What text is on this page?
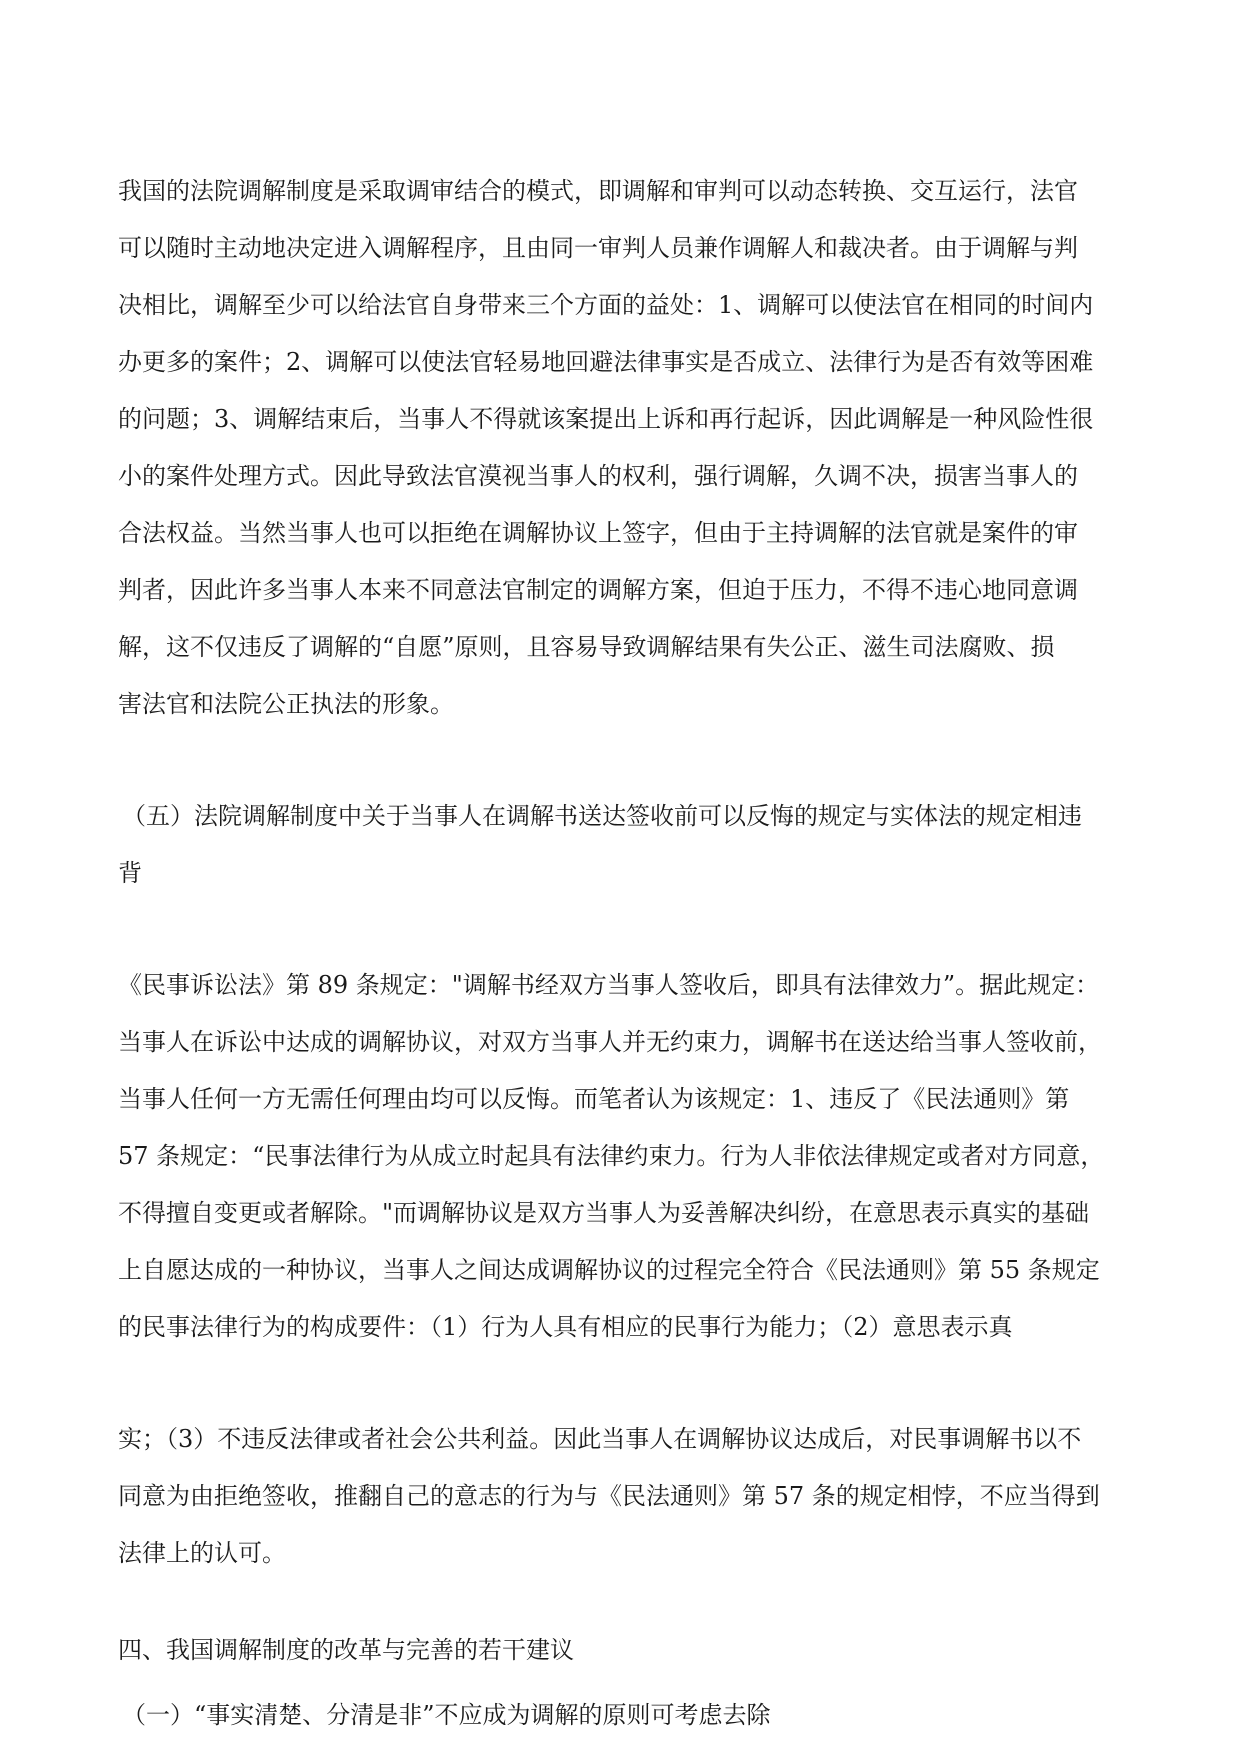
我国的法院调解制度是采取调审结合的模式，即调解和审判可以动态转换、交互运行，法官
可以随时主动地决定进入调解程序，且由同一审判人员兼作调解人和裁决者。由于调解与判
决相比，调解至少可以给法官自身带来三个方面的益处：1、调解可以使法官在相同的时间内
办更多的案件；2、调解可以使法官轻易地回避法律事实是否成立、法律行为是否有效等困难
的问题；3、调解结束后，当事人不得就该案提出上诉和再行起诉，因此调解是一种风险性很
小的案件处理方式。因此导致法官漠视当事人的权利，强行调解，久调不决，损害当事人的
合法权益。当然当事人也可以拒绝在调解协议上签字，但由于主持调解的法官就是案件的审
判者，因此许多当事人本来不同意法官制定的调解方案，但迫于压力，不得不违心地同意调
解，这不仅违反了调解的“自愿”原则，且容易导致调解结果有失公正、滋生司法腐败、损
害法官和法院公正执法的形象。
（五）法院调解制度中关于当事人在调解书送达签收前可以反悔的规定与实体法的规定相违
背
《民事诉讼法》第 89 条规定："调解书经双方当事人签收后，即具有法律效力”。据此规定：
当事人在诉讼中达成的调解协议，对双方当事人并无约束力，调解书在送达给当事人签收前，
当事人任何一方无需任何理由均可以反悔。而笔者认为该规定：1、违反了《民法通则》第
57 条规定：“民事法律行为从成立时起具有法律约束力。行为人非依法律规定或者对方同意，
不得擅自变更或者解除。"而调解协议是双方当事人为妥善解决纠纷，在意思表示真实的基础
上自愿达成的一种协议，当事人之间达成调解协议的过程完全符合《民法通则》第 55 条规定
的民事法律行为的构成要件：（1）行为人具有相应的民事行为能力；（2）意思表示真
实；（3）不违反法律或者社会公共利益。因此当事人在调解协议达成后，对民事调解书以不
同意为由拒绝签收，推翻自己的意志的行为与《民法通则》第 57 条的规定相悖，不应当得到
法律上的认可。
四、我国调解制度的改革与完善的若干建议
（一）“事实清楚、分清是非”不应成为调解的原则可考虑去除
